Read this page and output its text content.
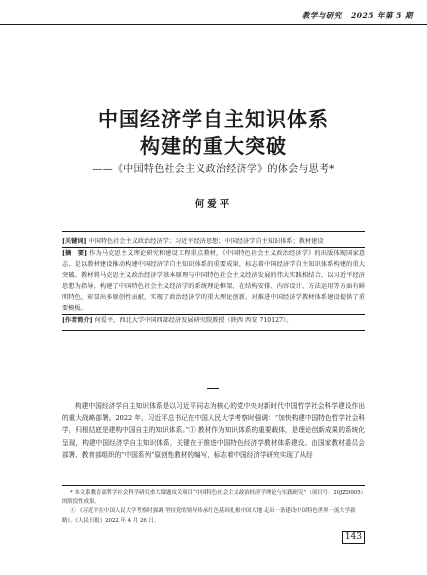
教学与研究 2025 年第 5 期
中国经济学自主知识体系
构建的重大突破
——《中国特色社会主义政治经济学》的体会与思考*
何爱平
[关键词] 中国特色社会主义政治经济学；习近平经济思想；中国经济学自主知识体系；教材建设
[摘　要] 作为马克思主义理论研究和建设工程重点教材，《中国特色社会主义政治经济学》的出版体现国家意志，是以教材建设推动构建中国经济学自主知识体系的重要成果，标志着中国经济学自主知识体系构建的重大突破。教材将马克思主义政治经济学基本原理与中国特色社会主义经济发展的伟大实践相结合，以习近平经济思想为指导，构建了中国特色社会主义经济学的系统理论框架，在结构安排、内容设计、方法运用等方面有鲜明特色，彰显出多原创性贡献，实现了政治经济学的重大理论创新，对推进中国经济学教材体系建设提供了重要模板。
[作者简介] 何爱平，西北大学中国西部经济发展研究院教授（陕西 西安 710127）。
构建中国经济学自主知识体系是以习近平同志为核心的党中央对新时代中国哲学社会科学建设作出的重大战略部署。2022 年，习近平总书记在中国人民大学考察时强调：“加快构建中国特色哲学社会科学，归根结底是建构中国自主的知识体系。”① 教材作为知识体系的重要载体，是理论创新成果的系统化呈现，构建中国经济学自主知识体系，关键在于推进中国特色经济学教材体系建设。由国家教材委员会部署、教育部组织的“中国系列”原创性教材的编写，标志着中国经济学研究实现了从经
* 本文系教育部哲学社会科学研究重大课题攻关项目“中国特色社会主义政治经济学理论与实践研究”（项目号：20JZD005）的阶段性成果。
① 《习近平在中国人民大学考察时强调 坚持党的领导传承红色基因扎根中国大地 走出一条建设中国特色世界一流大学新路》，《人民日报》2022 年 4 月 26 日。
143
